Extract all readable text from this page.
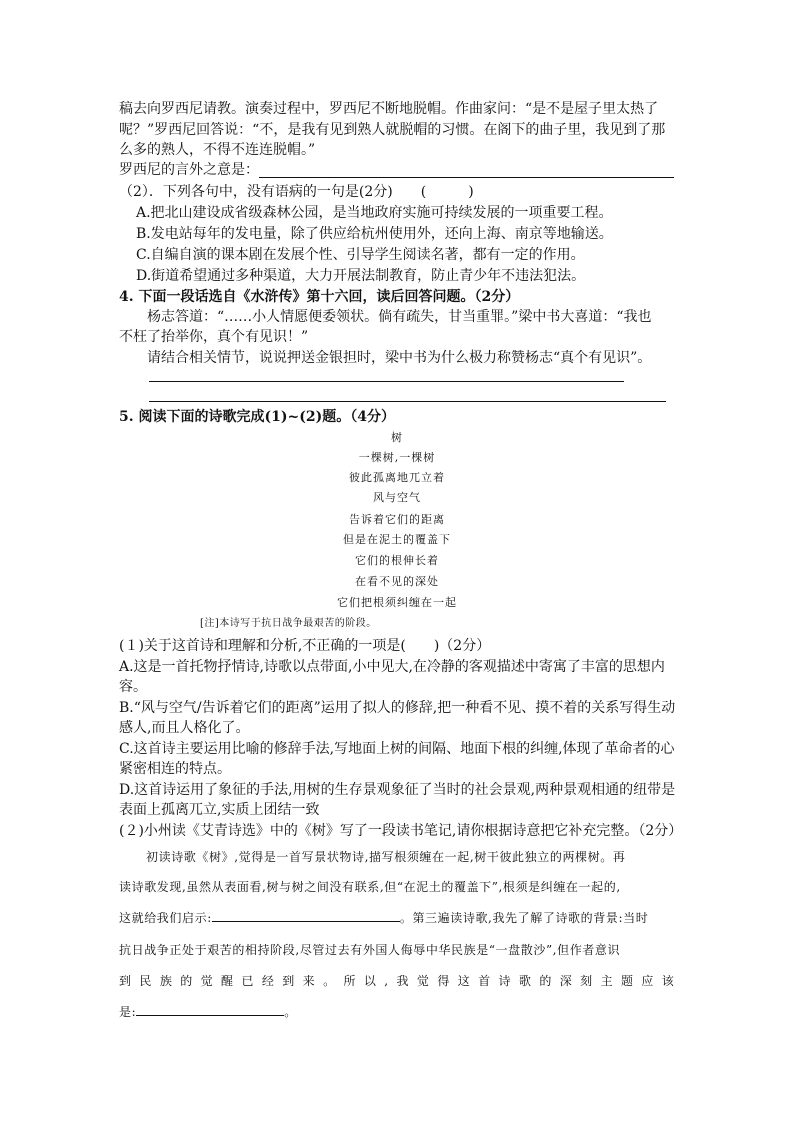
稿去向罗西尼请教。演奏过程中，罗西尼不断地脱帽。作曲家问：“是不是屋子里太热了
呢？”罗西尼回答说：“不，是我有见到熟人就脱帽的习惯。在阁下的曲子里，我见到了那
么多的熟人，不得不连连脱帽。”
罗西尼的言外之意是：
（2）．下列各句中，没有语病的一句是(2分)　　(　　　)
A.把北山建设成省级森林公园，是当地政府实施可持续发展的一项重要工程。
B.发电站每年的发电量，除了供应给杭州使用外，还向上海、南京等地输送。
C.自编自演的课本剧在发展个性、引导学生阅读名著，都有一定的作用。
D.街道希望通过多种渠道，大力开展法制教育，防止青少年不违法犯法。
4. 下面一段话选自《水浒传》第十六回，读后回答问题。（2分）
杨志答道：“……小人情愿便委领状。倘有疏失，甘当重罪。”梁中书大喜道：“我也
不枉了抬举你，真个有见识！”
请结合相关情节，说说押送金银担时，梁中书为什么极力称赞杨志“真个有见识”。
5. 阅读下面的诗歌完成(1)~(2)题。（4分）
树
一棵树,一棵树
彼此孤离地兀立着
风与空气
告诉着它们的距离
但是在泥土的覆盖下
它们的根伸长着
在看不见的深处
它们把根须纠缠在一起
[注]本诗写于抗日战争最艰苦的阶段。
(１)关于这首诗和理解和分析,不正确的一项是(　　)（2分）
A.这是一首托物抒情诗,诗歌以点带面,小中见大,在冷静的客观描述中寄寓了丰富的思想内
容。
B.“风与空气/告诉着它们的距离”运用了拟人的修辞,把一种看不见、摸不着的关系写得生动
感人,而且人格化了。
C.这首诗主要运用比喻的修辞手法,写地面上树的间隔、地面下根的纠缠,体现了革命者的心
紧密相连的特点。
D.这首诗运用了象征的手法,用树的生存景观象征了当时的社会景观,两种景观相通的纽带是
表面上孤离兀立,实质上团结一致
(２)小州读《艾青诗选》中的《树》写了一段读书笔记,请你根据诗意把它补充完整。（2分）
初读诗歌《树》,觉得是一首写景状物诗,描写根须缠在一起,树干彼此独立的两棵树。再
读诗歌发现,虽然从表面看,树与树之间没有联系,但“在泥土的覆盖下”,根须是纠缠在一起的,
这就给我们启示:	。第三遍读诗歌,我先了解了诗歌的背景:当时
抗日战争正处于艰苦的相持阶段,尽管过去有外国人侮辱中华民族是“一盘散沙”,但作者意识
到 民 族 的 觉 醒 已 经 到 来 。 所 以 , 我 觉 得 这 首 诗 歌 的 深 刻 主 题 应 该
是:	。
